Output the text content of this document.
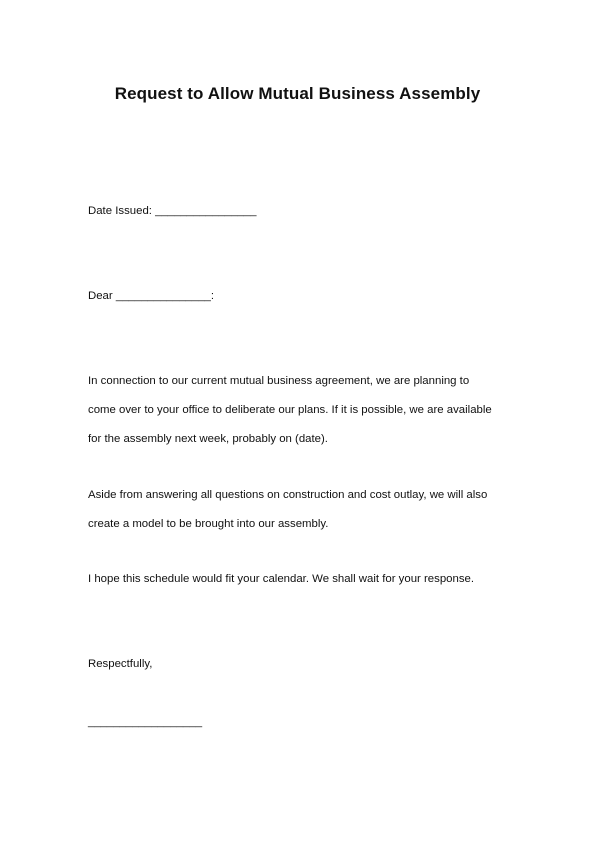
Request to Allow Mutual Business Assembly
Date Issued: ________________
Dear _______________:
In connection to our current mutual business agreement, we are planning to
come over to your office to deliberate our plans. If it is possible, we are available
for the assembly next week, probably on (date).
Aside from answering all questions on construction and cost outlay, we will also
create a model to be brought into our assembly.
I hope this schedule would fit your calendar. We shall wait for your response.
Respectfully,
__________________
